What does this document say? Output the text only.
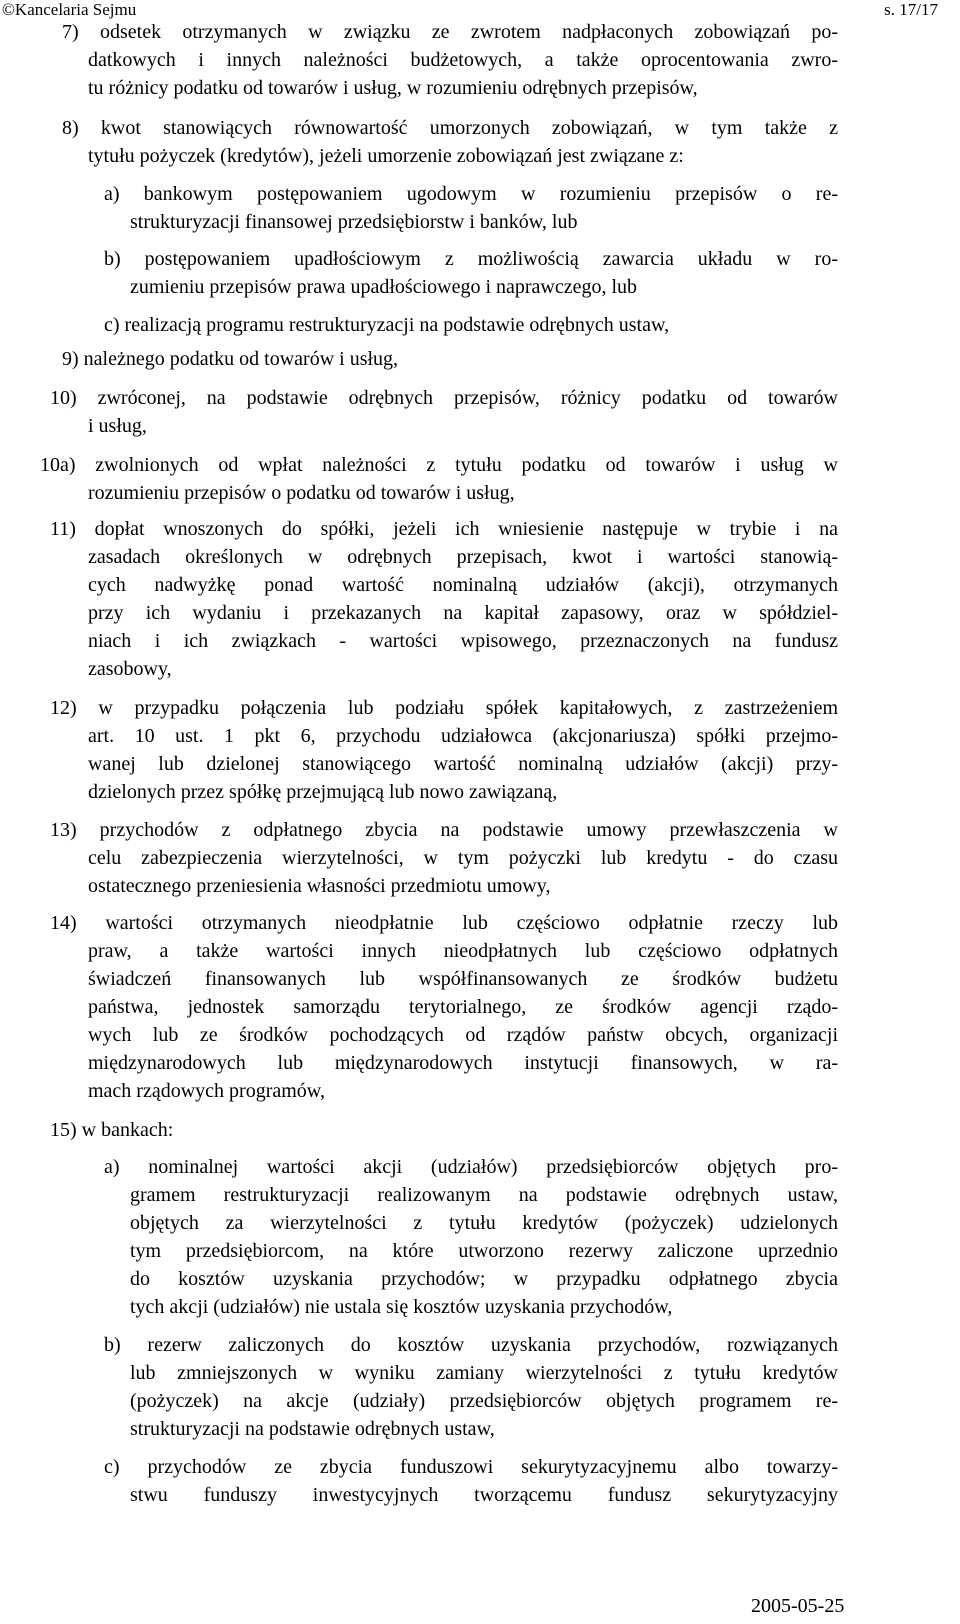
©Kancelaria Sejmu	s. 17/17
7) odsetek otrzymanych w związku ze zwrotem nadpłaconych zobowiązań po-
datkowych i innych należności budżetowych, a także oprocentowania zwro-
tu różnicy podatku od towarów i usług, w rozumieniu odrębnych przepisów,
8) kwot stanowiących równowartość umorzonych zobowiązań, w tym także z
tytułu pożyczek (kredytów), jeżeli umorzenie zobowiązań jest związane z:
a) bankowym postępowaniem ugodowym w rozumieniu przepisów o re-
strukturyzacji finansowej przedsiębiorstw i banków, lub
b) postępowaniem upadłościowym z możliwością zawarcia układu w ro-
zumieniu przepisów prawa upadłościowego i naprawczego, lub
c) realizacją programu restrukturyzacji na podstawie odrębnych ustaw,
9) należnego podatku od towarów i usług,
10) zwróconej, na podstawie odrębnych przepisów, różnicy podatku od towarów
i usług,
10a) zwolnionych od wpłat należności z tytułu podatku od towarów i usług w
rozumieniu przepisów o podatku od towarów i usług,
11) dopłat wnoszonych do spółki, jeżeli ich wniesienie następuje w trybie i na
zasadach określonych w odrębnych przepisach, kwot i wartości stanowią-
cych nadwyżkę ponad wartość nominalną udziałów (akcji), otrzymanych
przy ich wydaniu i przekazanych na kapitał zapasowy, oraz w spółdziel-
niach i ich związkach - wartości wpisowego, przeznaczonych na fundusz
zasobowy,
12) w przypadku połączenia lub podziału spółek kapitałowych, z zastrzeżeniem
art. 10 ust. 1 pkt 6, przychodu udziałowca (akcjonariusza) spółki przejmo-
wanej lub dzielonej stanowiącego wartość nominalną udziałów (akcji) przy-
dzielonych przez spółkę przejmującą lub nowo zawiązaną,
13) przychodów z odpłatnego zbycia na podstawie umowy przewłaszczenia w
celu zabezpieczenia wierzytelności, w tym pożyczki lub kredytu - do czasu
ostatecznego przeniesienia własności przedmiotu umowy,
14) wartości otrzymanych nieodpłatnie lub częściowo odpłatnie rzeczy lub
praw, a także wartości innych nieodpłatnych lub częściowo odpłatnych
świadczeń finansowanych lub współfinansowanych ze środków budżetu
państwa, jednostek samorządu terytorialnego, ze środków agencji rządo-
wych lub ze środków pochodzących od rządów państw obcych, organizacji
międzynarodowych lub międzynarodowych instytucji finansowych, w ra-
mach rządowych programów,
15) w bankach:
a) nominalnej wartości akcji (udziałów) przedsiębiorców objętych pro-
gramem restrukturyzacji realizowanym na podstawie odrębnych ustaw,
objętych za wierzytelności z tytułu kredytów (pożyczek) udzielonych
tym przedsiębiorcom, na które utworzono rezerwy zaliczone uprzednio
do kosztów uzyskania przychodów; w przypadku odpłatnego zbycia
tych akcji (udziałów) nie ustala się kosztów uzyskania przychodów,
b) rezerw zaliczonych do kosztów uzyskania przychodów, rozwiązanych
lub zmniejszonych w wyniku zamiany wierzytelności z tytułu kredytów
(pożyczek) na akcje (udziały) przedsiębiorców objętych programem re-
strukturyzacji na podstawie odrębnych ustaw,
c) przychodów ze zbycia funduszowi sekurytyzacyjnemu albo towarzy-
stwu funduszy inwestycyjnych tworzącemu fundusz sekurytyzacyjny
2005-05-25
